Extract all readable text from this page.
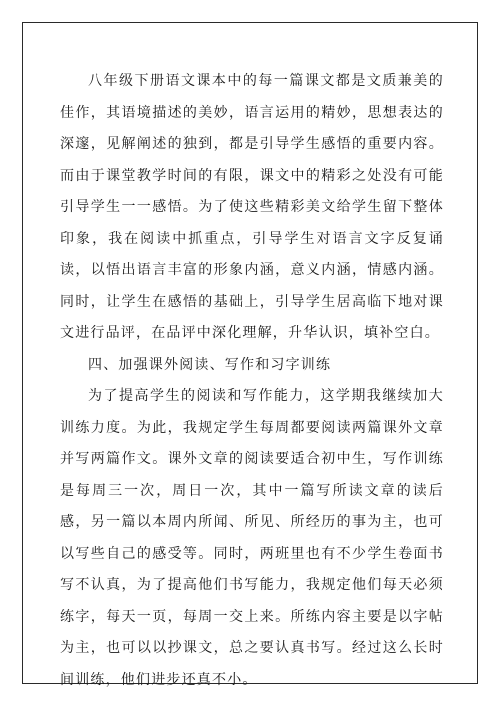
八年级下册语文课本中的每一篇课文都是文质兼美的佳作，其语境描述的美妙，语言运用的精妙，思想表达的深邃，见解阐述的独到，都是引导学生感悟的重要内容。而由于课堂教学时间的有限，课文中的精彩之处没有可能引导学生一一感悟。为了使这些精彩美文给学生留下整体印象，我在阅读中抓重点，引导学生对语言文字反复诵读，以悟出语言丰富的形象内涵，意义内涵，情感内涵。同时，让学生在感悟的基础上，引导学生居高临下地对课文进行品评，在品评中深化理解，升华认识，填补空白。

四、加强课外阅读、写作和习字训练

为了提高学生的阅读和写作能力，这学期我继续加大训练力度。为此，我规定学生每周都要阅读两篇课外文章并写两篇作文。课外文章的阅读要适合初中生，写作训练是每周三一次，周日一次，其中一篇写所读文章的读后感，另一篇以本周内所闻、所见、所经历的事为主，也可以写些自己的感受等。同时，两班里也有不少学生卷面书写不认真，为了提高他们书写能力，我规定他们每天必须练字，每天一页，每周一交上来。所练内容主要是以字帖为主，也可以以抄课文，总之要认真书写。经过这么长时间训练，他们进步还真不小。
